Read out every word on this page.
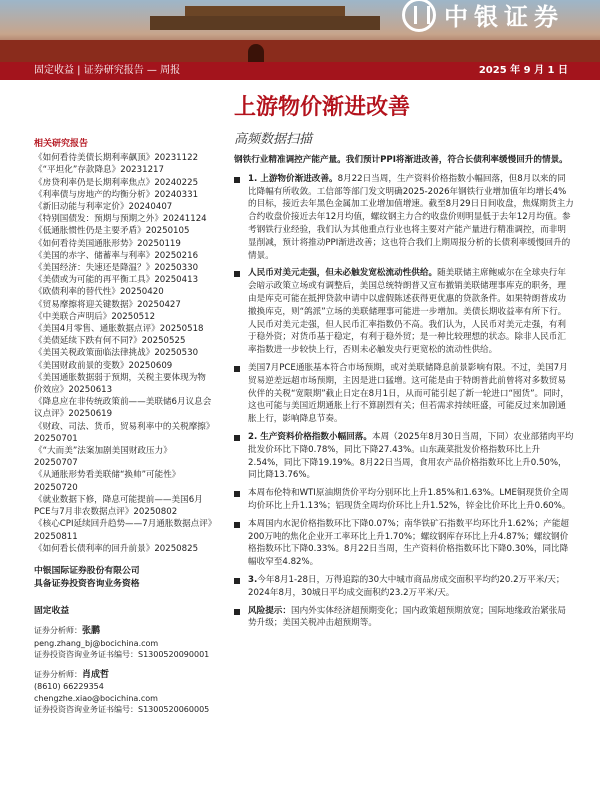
中银证券
固定收益 | 证券研究报告 — 周报	2025 年 9 月 1 日
上游物价渐进改善
高频数据扫描
相关研究报告
《如何看待美债长期利率飙顶》20231122
《“平坦化”存款降息》20231217
《房贷利率仍是长期利率焦点》20240225
《利率债与房地产的均衡分析》20240331
《新旧动能与利率定价》20240407
《特别国债发：预期与预期之外》20241124
《低通胀惯性仍是主要矛盾》20250105
《如何看待美国通胀形势》20250119
《美国的赤字、储蓄率与利率》20250216
《美国经济：失速还是降温？》20250330
《美债或为可能的再平衡工具》20250413
《欧债利率的替代性》20250420
《贸易摩擦将迎关键数据》20250427
《中美联合声明后》20250512
《美国4月零售、通胀数据点评》20250518
《美债延续下跌有何不同?》20250525
《美国关税政策面临法律挑战》20250530
《美国财政前景的变数》20250609
《美国通胀数据弱于预期，关税主要体现为物价效应》20250613
《降息应在非传统政策前——美联储6月议息会议点评》20250619
《财政、司法、货币，贸易利率中的关税摩擦》20250701
《“大而美”法案加剧美国财政压力》20250707
《从通胀形势看美联储“换帅”可能性》20250720
《就业数据下修，降息可能提前——美国6月PCE与7月非农数据点评》20250802
《核心CPI延续回升趋势——7月通胀数据点评》20250811
《如何看长债利率的回升前景》20250825
中银国际证券股份有限公司
具备证券投资咨询业务资格
固定收益
证券分析师：张鹏
peng.zhang_bj@bocichina.com
证券投资咨询业务证书编号：S1300520090001
证券分析师：肖成哲
(8610) 66229354
chengzhe.xiao@bocichina.com
证券投资咨询业务证书编号：S1300520060005
钢铁行业精准调控产能产量。我们预计PPI将渐进改善，符合长债利率缓慢回升的情景。
1. 上游物价渐进改善。8月22日当周，生产资料价格指数小幅回落，但8月以来的同比降幅有所收敛。工信部等部门发文明确2025-2026年钢铁行业增加值年均增长4%的目标，接近去年黑色金属加工业增加值增速。截至8月29日日间收盘，焦煤期货主力合约收盘价接近去年12月均值，螺纹钢主力合约收盘价则明显低于去年12月均值。参考钢铁行业经验，我们认为其他重点行业也将主要对产能产量进行精准调控，而非明显削减，预计将推动PPI渐进改善；这也符合我们上期周报分析的长债利率缓慢回升的情景。
人民币对美元走强，但未必触发宽松流动性供给。随美联储主席鲍威尔在全球央行年会暗示政策立场或有调整后，美国总统特朗普又宣布撤销美联储理事库克的职务，理由是库克可能在抵押贷款申请中以虚假陈述获得更优惠的贷款条件。如果特朗普成功撤换库克，则“鸽派”立场的美联储理事可能进一步增加。美债长期收益率有所下行。人民币对美元走强，但人民币汇率指数仍不高。我们认为，人民币对美元走强，有利于稳外资；对货币基于稳定，有利于稳外贸；是一种比较理想的状态。除非人民币汇率指数进一步较快上行，否则未必触发央行更宽松的流动性供给。
美国7月PCE通胀基本符合市场预期，或对美联储降息前景影响有限。不过，美国7月贸易逆差远超市场预期，主因是进口猛增。这可能是由于特朗普此前曾将对多数贸易伙伴的关税“宽限期”截止日定在8月1日，从而可能引起了新一轮进口“囤货”。同时，这也可能与美国近期通胀上行不算剧烈有关；但若需求持续旺盛，可能反过来加剧通胀上行，影响降息节奏。
2. 生产资料价格指数小幅回落。本周（2025年8月30日当周，下同）农业部猪肉平均批发价环比下降0.78%，同比下降27.43%。山东蔬菜批发价格指数环比上升2.54%，同比下降19.19%。8月22日当周，食用农产品价格指数环比上升0.50%，同比降13.76%。
本周布伦特和WTI原油期货价平均分别环比上升1.85%和1.63%。LME铜现货价全周均价环比上升1.13%；铝现货全周均价环比上升1.52%，锌金比价环比上升0.60%。
本周国内水泥价格指数环比下降0.07%；南华铁矿石指数平均环比升1.62%；产能超200万吨的焦化企业开工率环比上升1.70%；螺纹钢库存环比上升4.87%；螺纹钢价格指数环比下降0.33%。8月22日当周，生产资料价格指数环比下降0.30%，同比降幅收窄至4.82%。
3.今年8月1-28日，万得追踪的30大中城市商品房成交面积平均约20.2万平米/天；2024年8月，30城日平均成交面积约23.2万平米/天。
风险提示：国内外实体经济超预期变化；国内政策超预期放宽；国际地缘政治紧张局势升级；美国关税冲击超预期等。
